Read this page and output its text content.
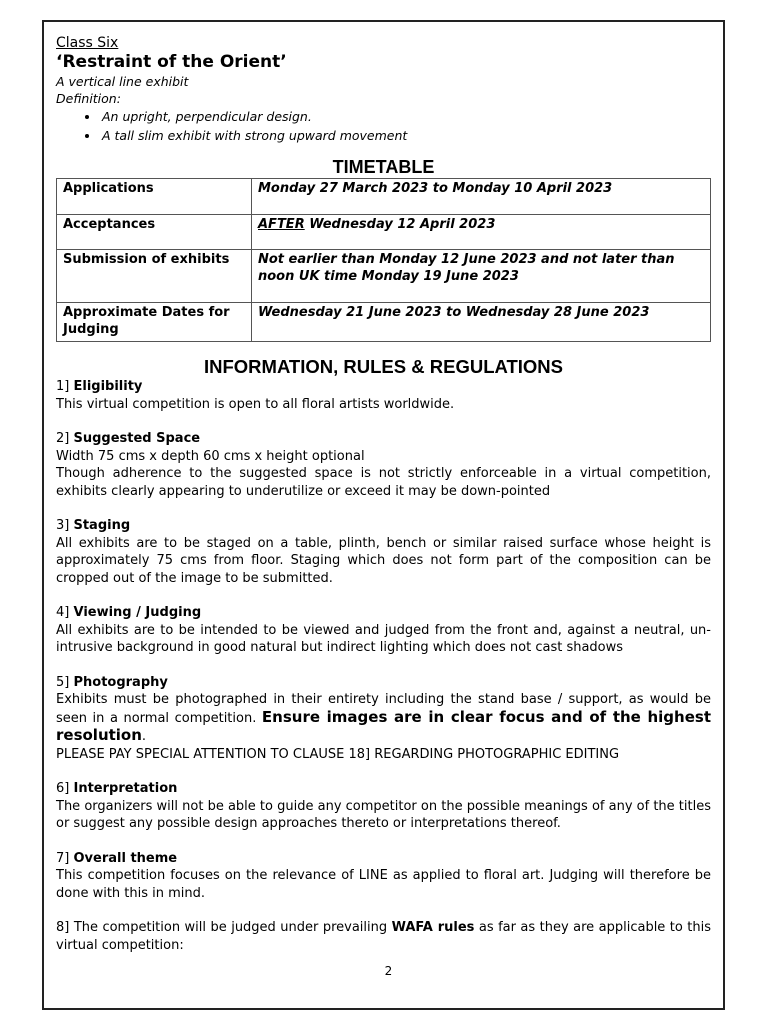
Class Six
‘Restraint of the Orient’
A vertical line exhibit
Definition:
• An upright, perpendicular design.
• A tall slim exhibit with strong upward movement
TIMETABLE
Applications	Monday 27 March 2023 to Monday 10 April 2023
Acceptances	AFTER Wednesday 12 April 2023
Submission of exhibits	Not earlier than Monday 12 June 2023 and not later than noon UK time Monday 19 June 2023
Approximate Dates for Judging	Wednesday 21 June 2023 to Wednesday 28 June 2023
INFORMATION, RULES & REGULATIONS
1] Eligibility
This virtual competition is open to all floral artists worldwide.
2] Suggested Space
Width 75 cms x depth 60 cms x height optional
Though adherence to the suggested space is not strictly enforceable in a virtual competition, exhibits clearly appearing to underutilize or exceed it may be down-pointed
3] Staging
All exhibits are to be staged on a table, plinth, bench or similar raised surface whose height is approximately 75 cms from floor. Staging which does not form part of the composition can be cropped out of the image to be submitted.
4] Viewing / Judging
All exhibits are to be intended to be viewed and judged from the front and, against a neutral, un-intrusive background in good natural but indirect lighting which does not cast shadows
5] Photography
Exhibits must be photographed in their entirety including the stand base / support, as would be seen in a normal competition. Ensure images are in clear focus and of the highest resolution.
PLEASE PAY SPECIAL ATTENTION TO CLAUSE 18] REGARDING PHOTOGRAPHIC EDITING
6] Interpretation
The organizers will not be able to guide any competitor on the possible meanings of any of the titles or suggest any possible design approaches thereto or interpretations thereof.
7] Overall theme
This competition focuses on the relevance of LINE as applied to floral art. Judging will therefore be done with this in mind.
8] The competition will be judged under prevailing WAFA rules as far as they are applicable to this virtual competition:
2
